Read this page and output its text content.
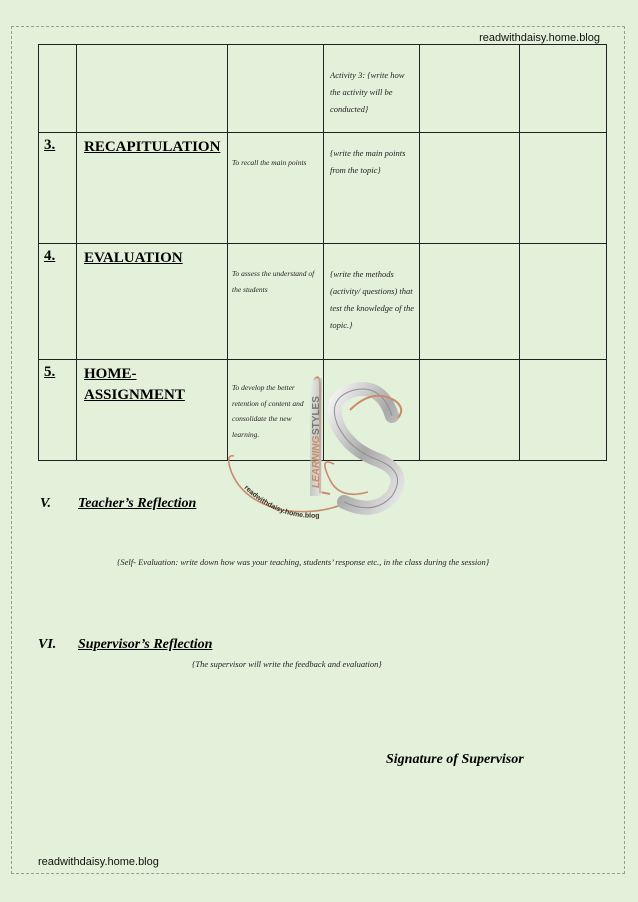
readwithdaisy.home.blog

			Activity 3: {write how the activity will be conducted}		

3.	RECAPITULATION	To recall the main points	{write the main points from the topic}		

4.	EVALUATION	To assess the understand of the students	{write the methods (activity/ questions) that test the knowledge of the topic.}		

5.	HOME-
ASSIGNMENT	To develop the better retention of content and consolidate the new learning.			

LEARNING
STYLES
readwithdaisy.home.blog
V. Teacher’s Reflection
{Self- Evaluation: write down how was your teaching, students’ response etc., in the class during the session}
VI. Supervisor’s Reflection
{The supervisor will write the feedback and evaluation}
Signature of Supervisor
readwithdaisy.home.blog
